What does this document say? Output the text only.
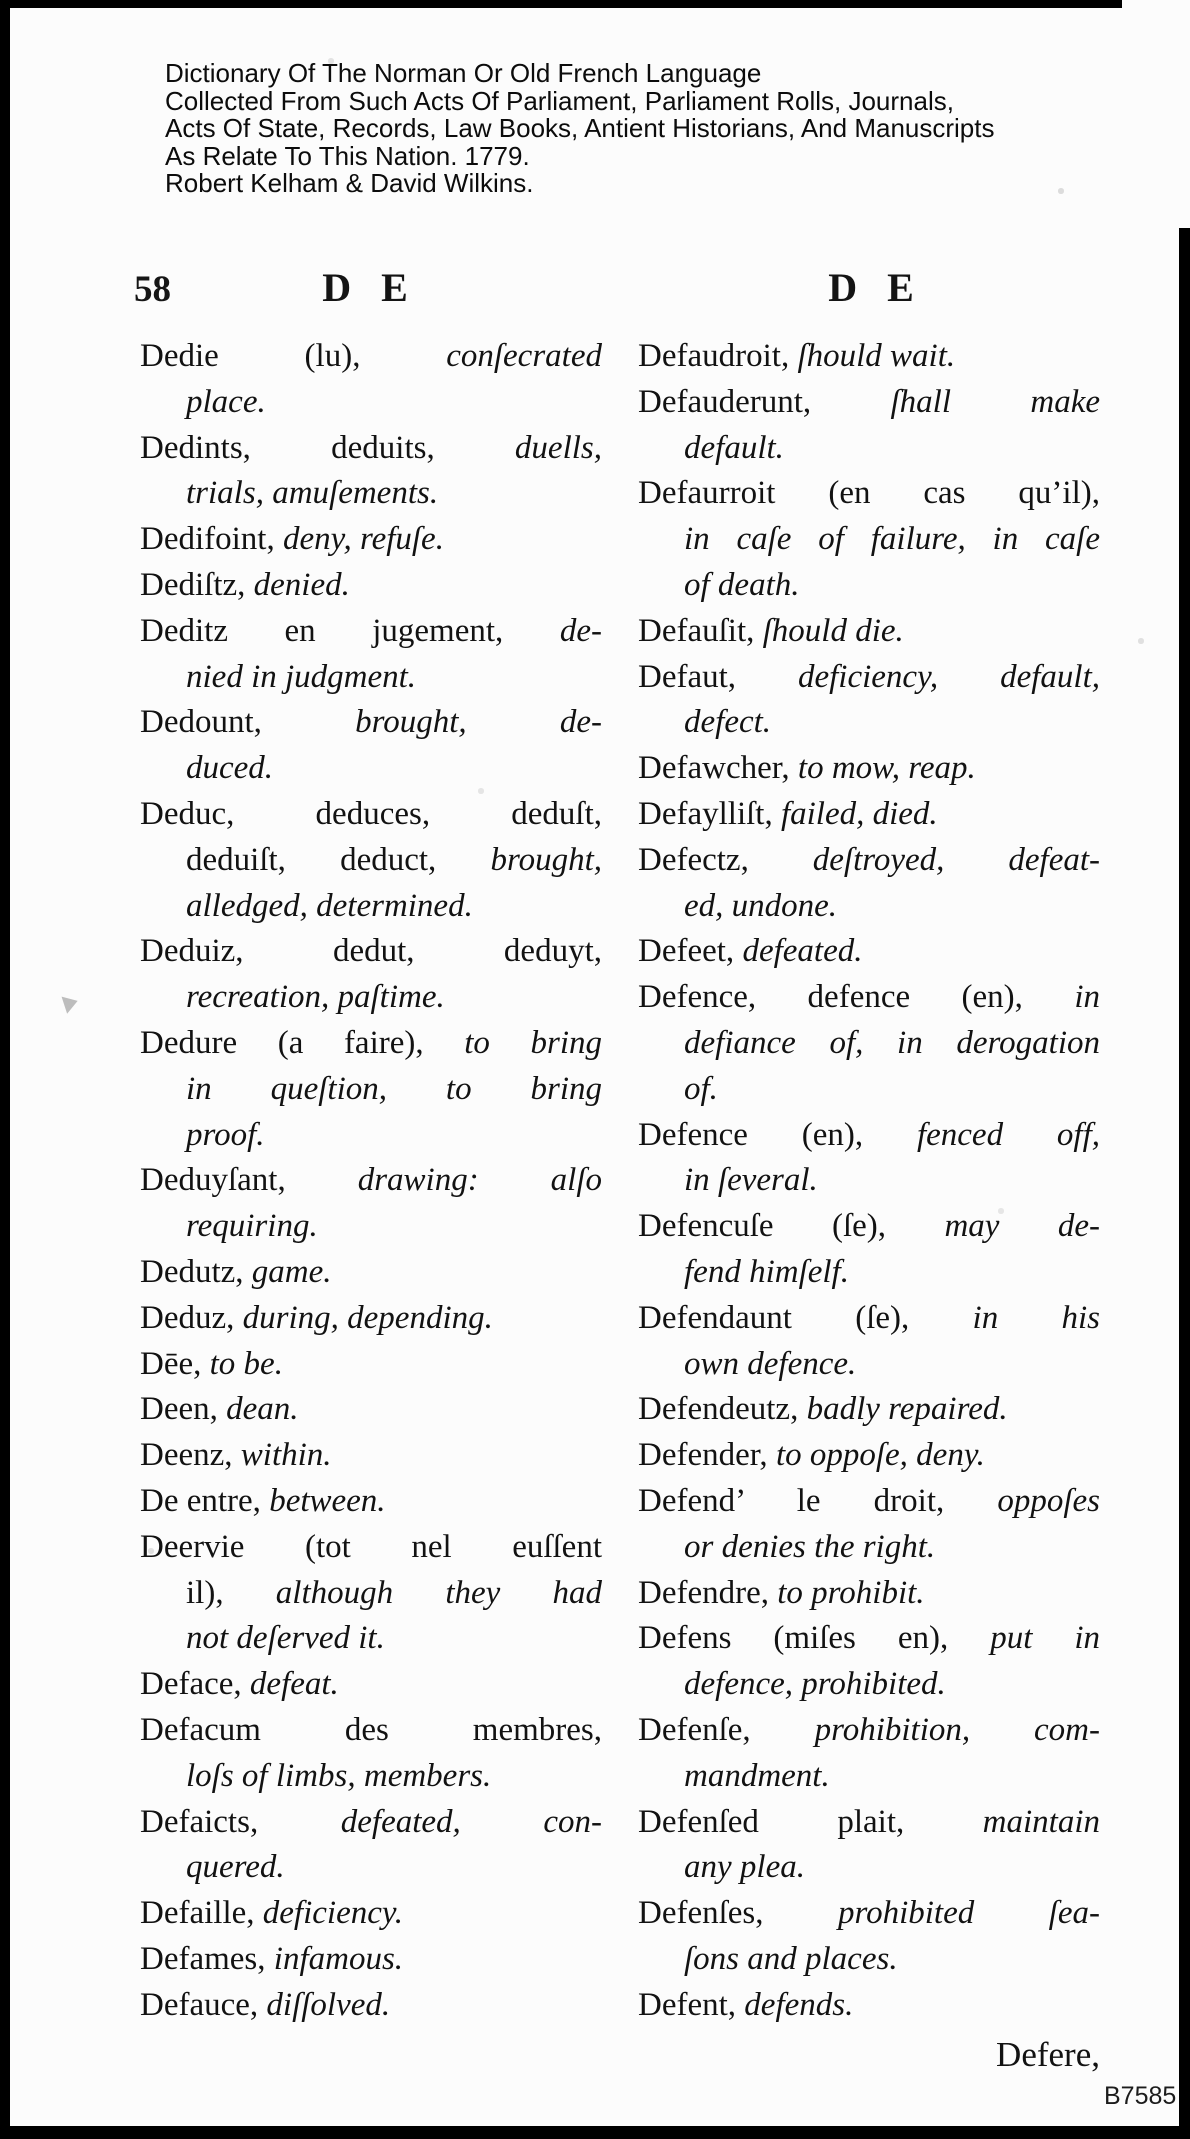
Dictionary Of The Norman Or Old French Language
Collected From Such Acts Of Parliament, Parliament Rolls, Journals,
Acts Of State, Records, Law Books, Antient Historians, And Manuscripts
As Relate To This Nation. 1779.
Robert Kelham & David Wilkins.
58	D E	D E
Dedie (lu), conſecrated
place.
Dedints, deduits, duells,
trials, amuſements.
Dedifoint, deny, refuſe.
Dediſtz, denied.
Deditz en jugement, de-
nied in judgment.
Dedount, brought, de-
duced.
Deduc, deduces, deduſt,
deduiſt, deduct, brought,
alledged, determined.
Deduiz, dedut, deduyt,
recreation, paſtime.
Dedure (a faire), to bring
in queſtion, to bring
proof.
Deduyſant, drawing: alſo
requiring.
Dedutz, game.
Deduz, during, depending.
Dēe, to be.
Deen, dean.
Deenz, within.
De entre, between.
Deervie (tot nel euſſent
il), although they had
not deſerved it.
Deface, defeat.
Defacum des membres,
loſs of limbs, members.
Defaicts, defeated, con-
quered.
Defaille, deficiency.
Defames, infamous.
Defauce, diſſolved.
Defaudroit, ſhould wait.
Defauderunt, ſhall make
default.
Defaurroit (en cas qu’il),
in caſe of failure, in caſe
of death.
Defauſit, ſhould die.
Defaut, deficiency, default,
defect.
Defawcher, to mow, reap.
Defaylliſt, failed, died.
Defectz, deſtroyed, defeat-
ed, undone.
Defeet, defeated.
Defence, defence (en), in
defiance of, in derogation
of.
Defence (en), fenced off,
in ſeveral.
Defencuſe (ſe), may de-
fend himſelf.
Defendaunt (ſe), in his
own defence.
Defendeutz, badly repaired.
Defender, to oppoſe, deny.
Defend’ le droit, oppoſes
or denies the right.
Defendre, to prohibit.
Defens (miſes en), put in
defence, prohibited.
Defenſe, prohibition, com-
mandment.
Defenſed plait, maintain
any plea.
Defenſes, prohibited ſea-
ſons and places.
Defent, defends.
Defere,
B7585
